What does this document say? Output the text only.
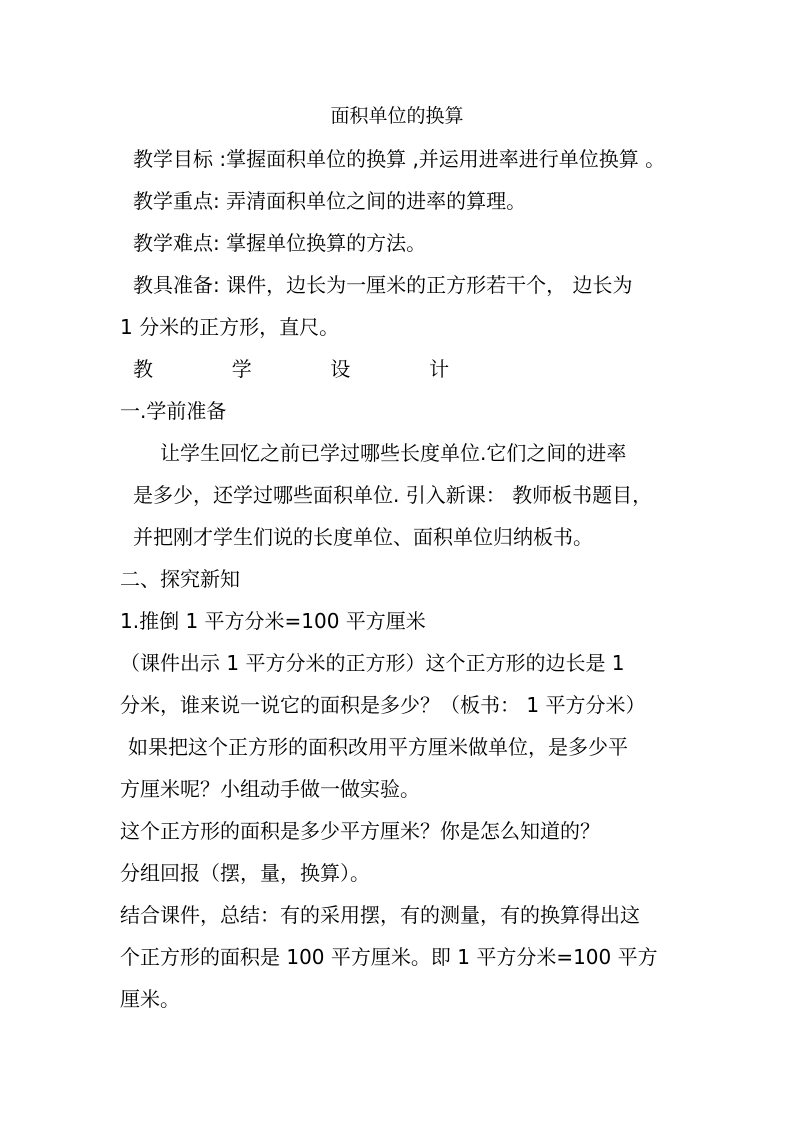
面积单位的换算
教学目标 :掌握面积单位的换算 ,并运用进率进行单位换算 。
教学重点: 弄清面积单位之间的进率的算理。
教学难点: 掌握单位换算的方法。
教具准备: 课件，边长为一厘米的正方形若干个， 边长为
1 分米的正方形，直尺。
教  学  设  计
一.学前准备
让学生回忆之前已学过哪些长度单位.它们之间的进率
是多少，还学过哪些面积单位. 引入新课： 教师板书题目，
并把刚才学生们说的长度单位、面积单位归纳板书。
二、探究新知
1.推倒 1 平方分米=100 平方厘米
（课件出示 1 平方分米的正方形）这个正方形的边长是 1
分米，谁来说一说它的面积是多少？（板书： 1 平方分米）
如果把这个正方形的面积改用平方厘米做单位，是多少平
方厘米呢？小组动手做一做实验。
这个正方形的面积是多少平方厘米？你是怎么知道的？
分组回报（摆，量，换算）。
结合课件，总结：有的采用摆，有的测量，有的换算得出这
个正方形的面积是 100 平方厘米。即 1 平方分米=100 平方
厘米。
